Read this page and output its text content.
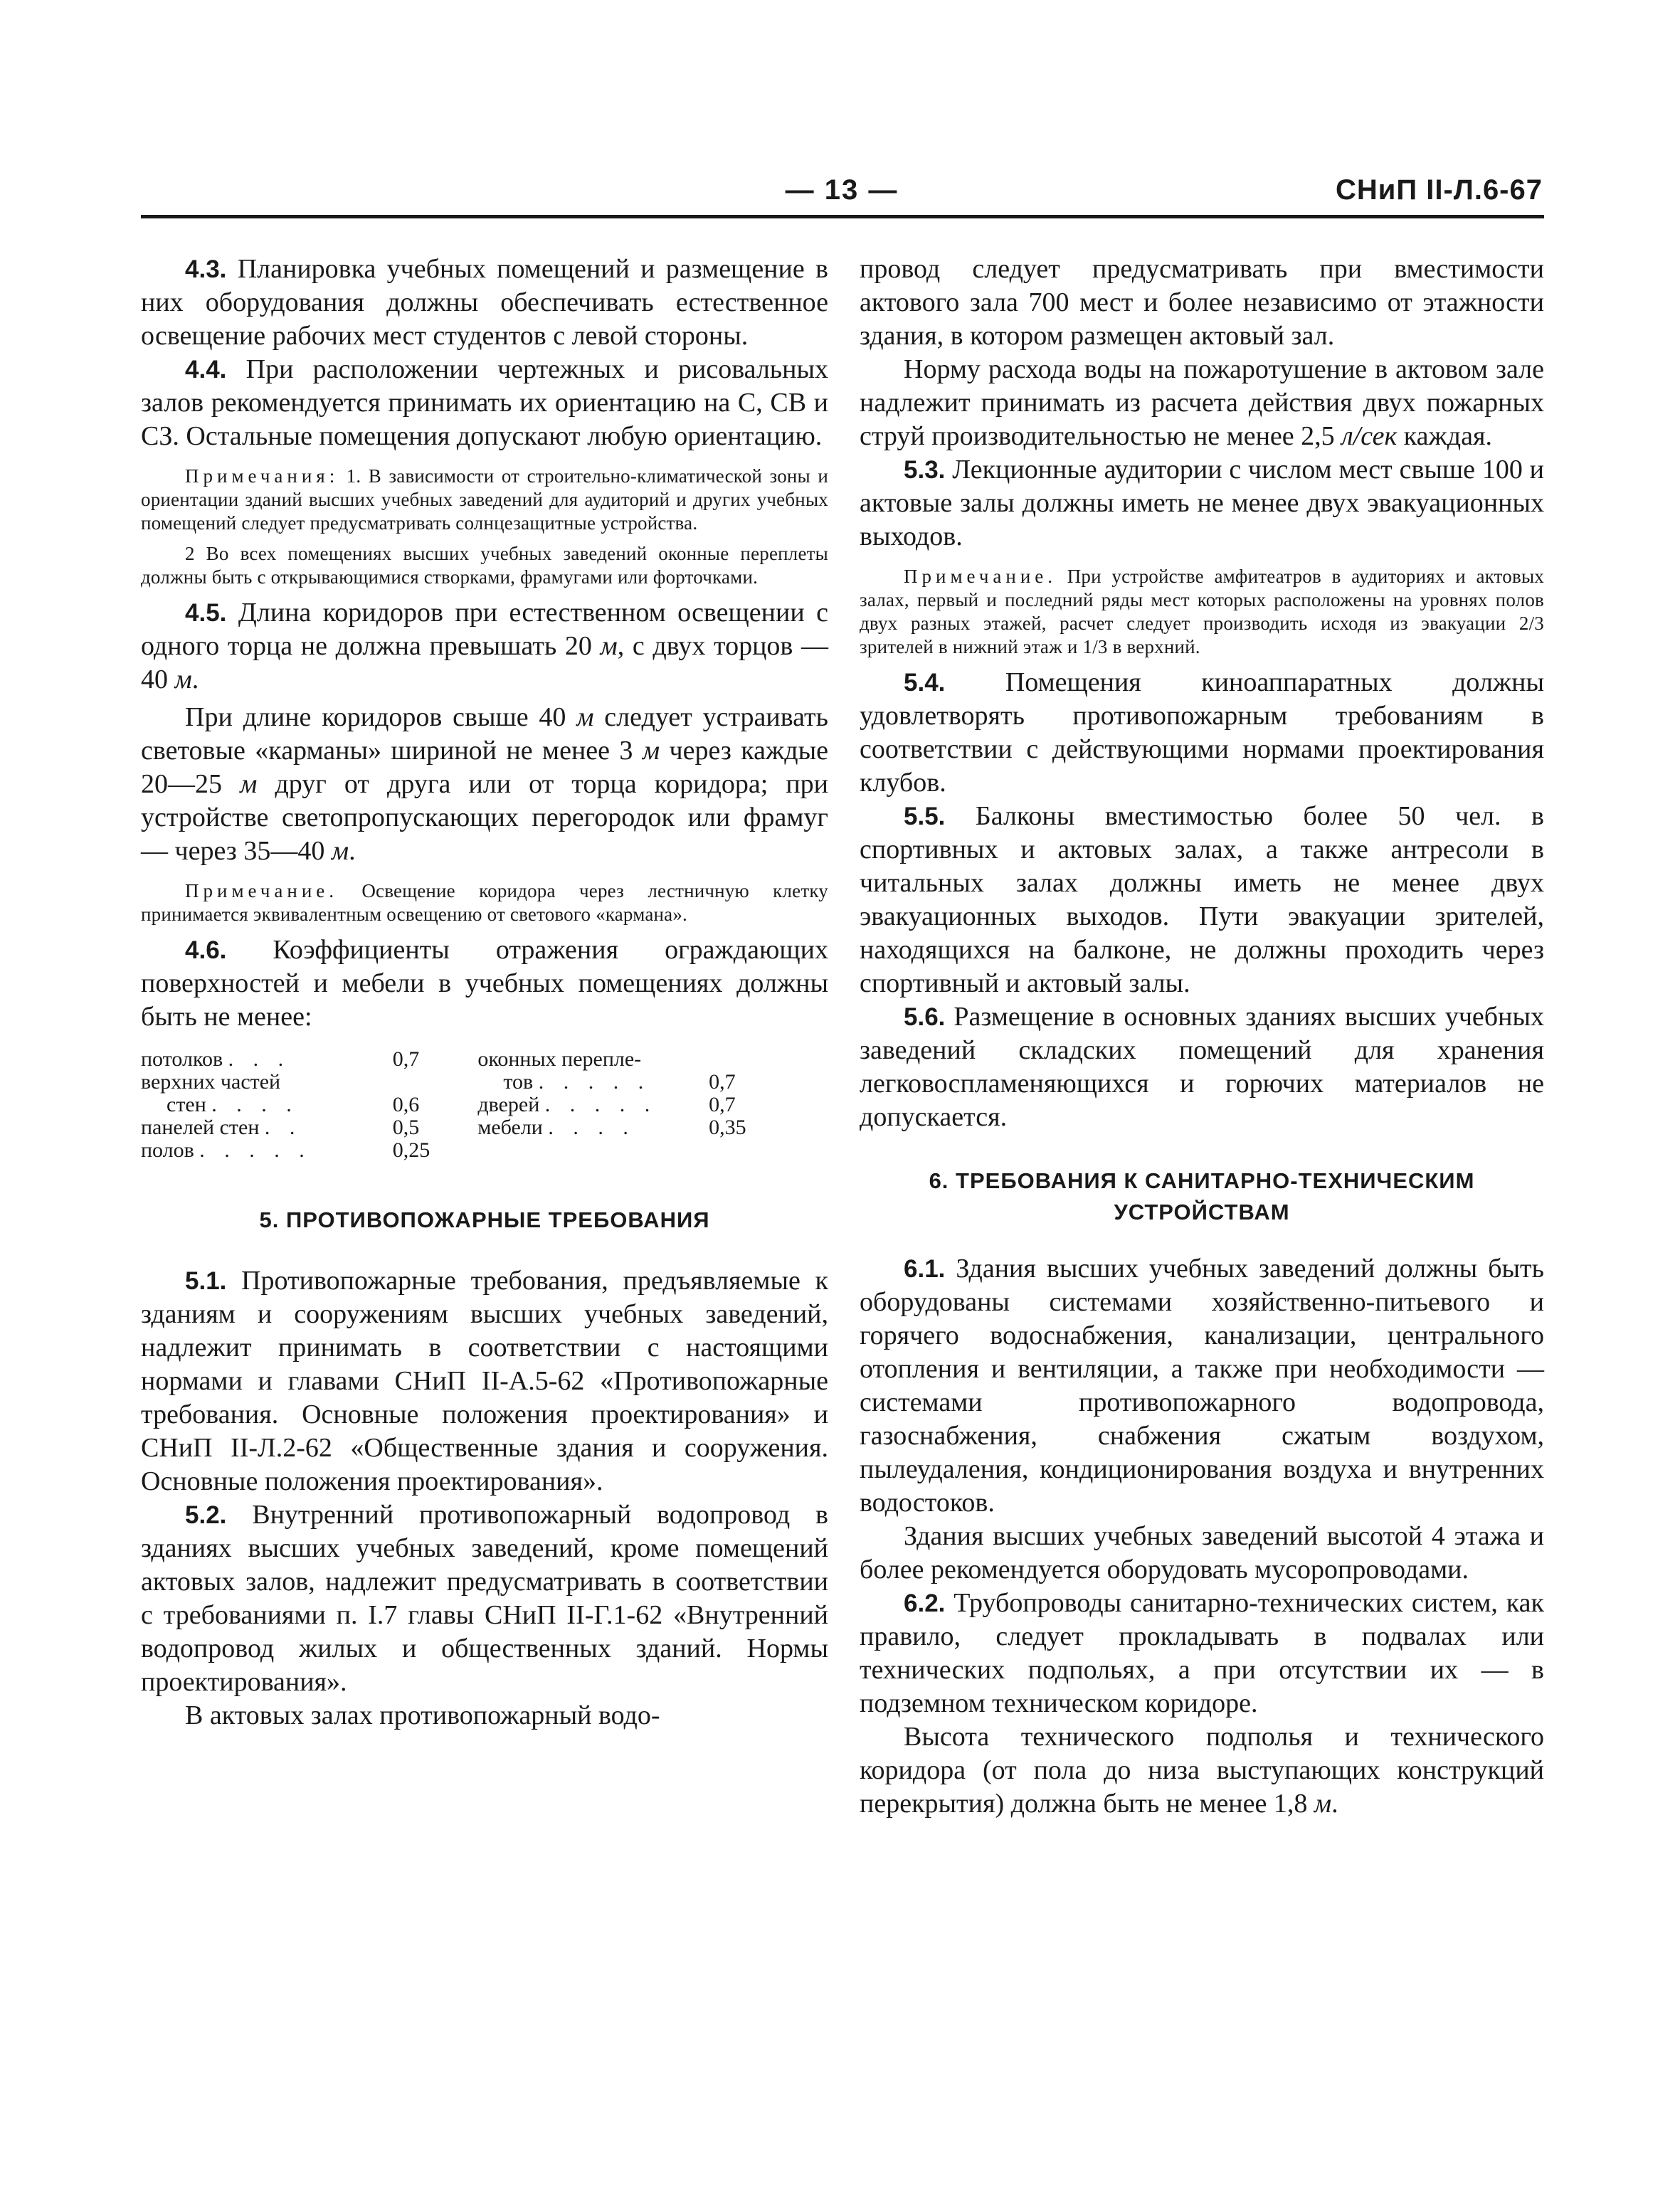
— 13 —	СНиП II-Л.6-67

4.3. Планировка учебных помещений и размещение в них оборудования должны обеспечивать естественное освещение рабочих мест студентов с левой стороны.

4.4. При расположении чертежных и рисовальных залов рекомендуется принимать их ориентацию на С, СВ и СЗ. Остальные помещения допускают любую ориентацию.

Примечания: 1. В зависимости от строительно-климатической зоны и ориентации зданий высших учебных заведений для аудиторий и других учебных помещений следует предусматривать солнцезащитные устройства.

2 Во всех помещениях высших учебных заведений оконные переплеты должны быть с открывающимися створками, фрамугами или форточками.

4.5. Длина коридоров при естественном освещении с одного торца не должна превышать 20 м, с двух торцов —40 м.

При длине коридоров свыше 40 м следует устраивать световые «карманы» шириной не менее 3 м через каждые 20—25 м друг от друга или от торца коридора; при устройстве светопропускающих перегородок или фрамуг — через 35—40 м.

Примечание. Освещение коридора через лестничную клетку принимается эквивалентным освещению от светового «кармана».

4.6. Коэффициенты отражения ограждающих поверхностей и мебели в учебных помещениях должны быть не менее:

потолков . . .	0,7	оконных перепле-	
верхних частей		тов . . . . .	0,7
стен . . . .	0,6	дверей . . . . .	0,7
панелей стен . .	0,5	мебели . . . .	0,35
полов . . . . .	0,25		
5. ПРОТИВОПОЖАРНЫЕ ТРЕБОВАНИЯ

5.1. Противопожарные требования, предъявляемые к зданиям и сооружениям высших учебных заведений, надлежит принимать в соответствии с настоящими нормами и главами СНиП II-А.5-62 «Противопожарные требования. Основные положения проектирования» и СНиП II-Л.2-62 «Общественные здания и сооружения. Основные положения проектирования».

5.2. Внутренний противопожарный водопровод в зданиях высших учебных заведений, кроме помещений актовых залов, надлежит предусматривать в соответствии с требованиями п. I.7 главы СНиП II-Г.1-62 «Внутренний водопровод жилых и общественных зданий. Нормы проектирования».

В актовых залах противопожарный водо-

провод следует предусматривать при вместимости актового зала 700 мест и более независимо от этажности здания, в котором размещен актовый зал.

Норму расхода воды на пожаротушение в актовом зале надлежит принимать из расчета действия двух пожарных струй производительностью не менее 2,5 л/сек каждая.

5.3. Лекционные аудитории с числом мест свыше 100 и актовые залы должны иметь не менее двух эвакуационных выходов.

Примечание. При устройстве амфитеатров в аудиториях и актовых залах, первый и последний ряды мест которых расположены на уровнях полов двух разных этажей, расчет следует производить исходя из эвакуации 2/3 зрителей в нижний этаж и 1/3 в верхний.

5.4. Помещения киноаппаратных должны удовлетворять противопожарным требованиям в соответствии с действующими нормами проектирования клубов.

5.5. Балконы вместимостью более 50 чел. в спортивных и актовых залах, а также антресоли в читальных залах должны иметь не менее двух эвакуационных выходов. Пути эвакуации зрителей, находящихся на балконе, не должны проходить через спортивный и актовый залы.

5.6. Размещение в основных зданиях высших учебных заведений складских помещений для хранения легковоспламеняющихся и горючих материалов не допускается.

6. ТРЕБОВАНИЯ К САНИТАРНО-ТЕХНИЧЕСКИМ
УСТРОЙСТВАМ

6.1. Здания высших учебных заведений должны быть оборудованы системами хозяйственно-питьевого и горячего водоснабжения, канализации, центрального отопления и вентиляции, а также при необходимости — системами противопожарного водопровода, газоснабжения, снабжения сжатым воздухом, пылеудаления, кондиционирования воздуха и внутренних водостоков.

Здания высших учебных заведений высотой 4 этажа и более рекомендуется оборудовать мусоропроводами.

6.2. Трубопроводы санитарно-технических систем, как правило, следует прокладывать в подвалах или технических подпольях, а при отсутствии их — в подземном техническом коридоре.

Высота технического подполья и технического коридора (от пола до низа выступающих конструкций перекрытия) должна быть не менее 1,8 м.
